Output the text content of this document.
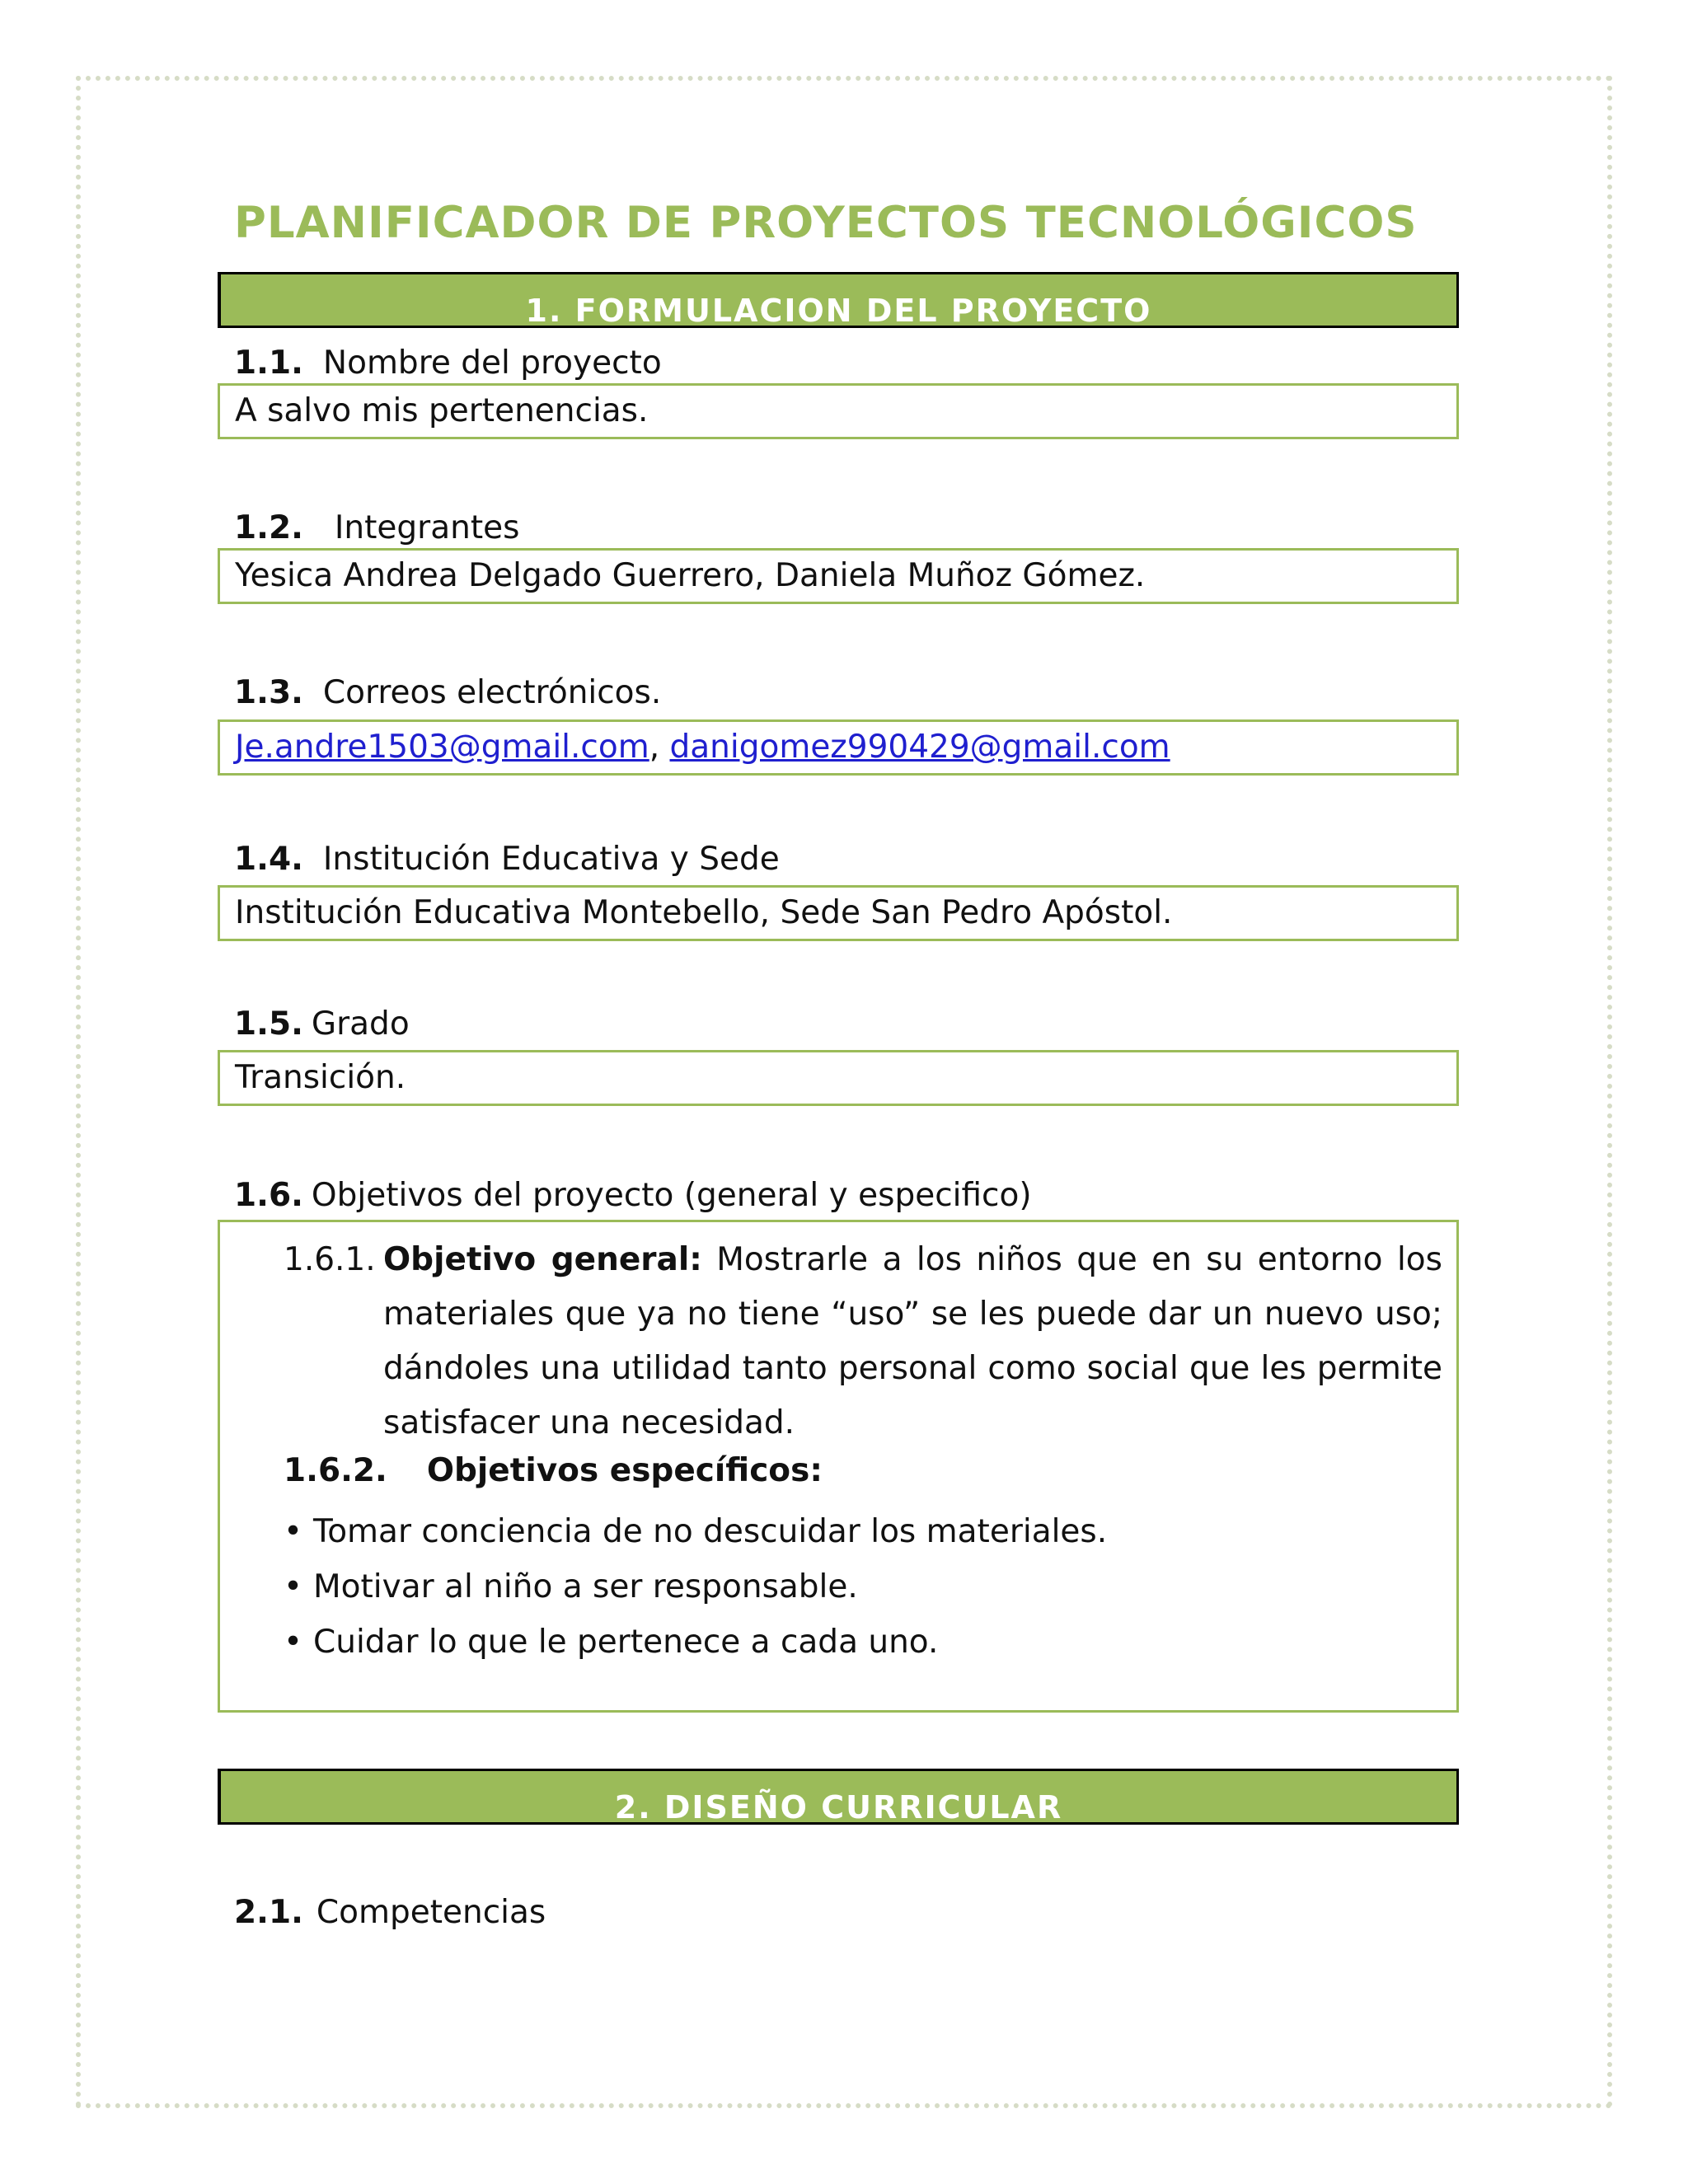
PLANIFICADOR DE PROYECTOS TECNOLÓGICOS
1. FORMULACION DEL PROYECTO
1.1. Nombre del proyecto
A salvo mis pertenencias.
1.2. Integrantes
Yesica Andrea Delgado Guerrero, Daniela Muñoz Gómez.
1.3. Correos electrónicos.
Je.andre1503@gmail.com, danigomez990429@gmail.com
1.4. Institución Educativa y Sede
Institución Educativa Montebello, Sede San Pedro Apóstol.
1.5. Grado
Transición.
1.6. Objetivos del proyecto (general y especifico)
1.6.1. Objetivo general: Mostrarle a los niños que en su entorno los materiales que ya no tiene “uso” se les puede dar un nuevo uso; dándoles una utilidad tanto personal como social que les permite satisfacer una necesidad.
1.6.2. Objetivos específicos:
• Tomar conciencia de no descuidar los materiales.
• Motivar al niño a ser responsable.
• Cuidar lo que le pertenece a cada uno.
2. DISEÑO CURRICULAR
2.1. Competencias
